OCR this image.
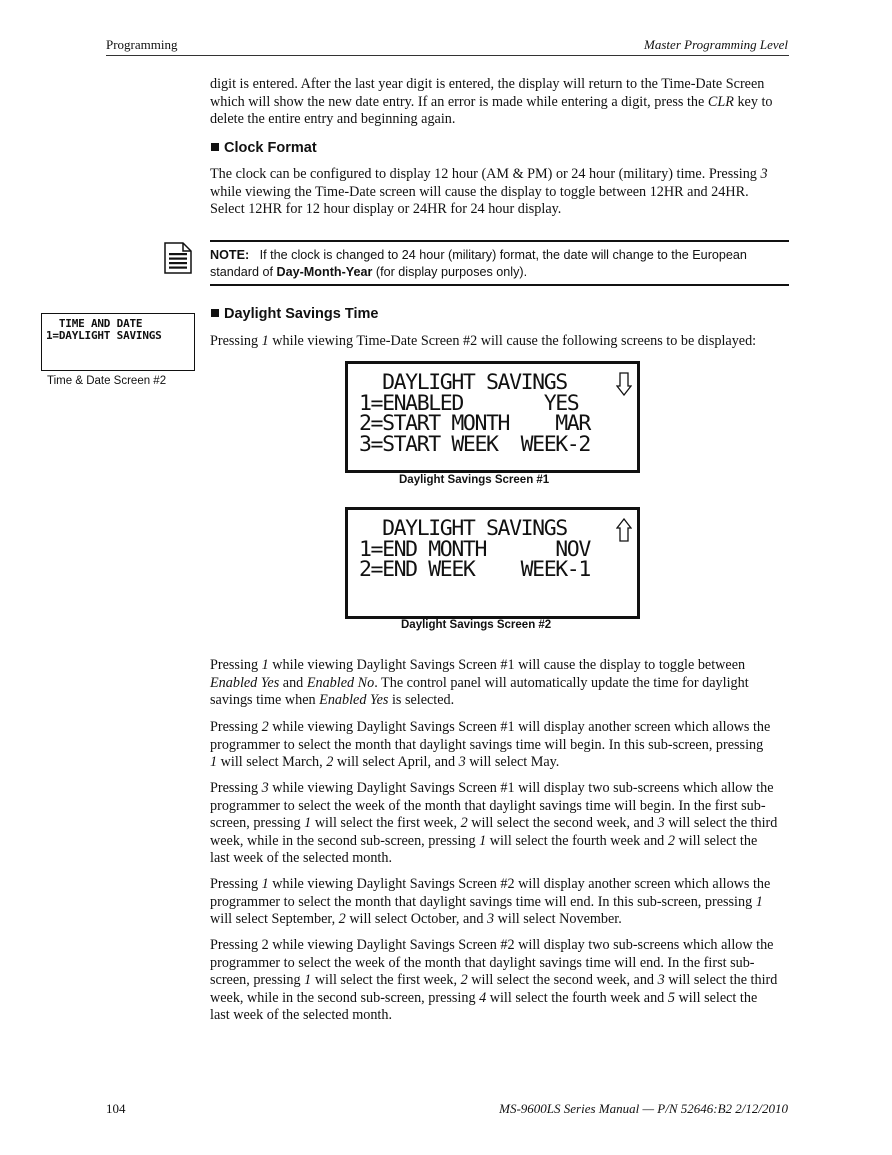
Programming	Master Programming Level

digit is entered. After the last year digit is entered, the display will return to the Time-Date Screen
which will show the new date entry. If an error is made while entering a digit, press the CLR key to
delete the entire entry and beginning again.

Clock Format

The clock can be configured to display 12 hour (AM & PM) or 24 hour (military) time. Pressing 3
while viewing the Time-Date screen will cause the display to toggle between 12HR and 24HR.
Select 12HR for 12 hour display or 24HR for 24 hour display.

NOTE:   If the clock is changed to 24 hour (military) format, the date will change to the European
standard of Day-Month-Year (for display purposes only).

TIME AND DATE
1=DAYLIGHT SAVINGS
Time & Date Screen #2
Daylight Savings Time

Pressing 1 while viewing Time-Date Screen #2 will cause the following screens to be displayed:

DAYLIGHT SAVINGS
1=ENABLED       YES
2=START MONTH    MAR
3=START WEEK  WEEK-2
Daylight Savings Screen #1
DAYLIGHT SAVINGS
1=END MONTH      NOV
2=END WEEK    WEEK-1
Daylight Savings Screen #2

Pressing 1 while viewing Daylight Savings Screen #1 will cause the display to toggle between
Enabled Yes and Enabled No. The control panel will automatically update the time for daylight
savings time when Enabled Yes is selected.

Pressing 2 while viewing Daylight Savings Screen #1 will display another screen which allows the
programmer to select the month that daylight savings time will begin. In this sub-screen, pressing
1 will select March, 2 will select April, and 3 will select May.

Pressing 3 while viewing Daylight Savings Screen #1 will display two sub-screens which allow the
programmer to select the week of the month that daylight savings time will begin. In the first sub-
screen, pressing 1 will select the first week, 2 will select the second week, and 3 will select the third
week, while in the second sub-screen, pressing 1 will select the fourth week and 2 will select the
last week of the selected month.

Pressing 1 while viewing Daylight Savings Screen #2 will display another screen which allows the
programmer to select the month that daylight savings time will end. In this sub-screen, pressing 1
will select September, 2 will select October, and 3 will select November.

Pressing 2 while viewing Daylight Savings Screen #2 will display two sub-screens which allow the
programmer to select the week of the month that daylight savings time will end. In the first sub-
screen, pressing 1 will select the first week, 2 will select the second week, and 3 will select the third
week, while in the second sub-screen, pressing 4 will select the fourth week and 5 will select the
last week of the selected month.

104	MS-9600LS Series Manual — P/N 52646:B2 2/12/2010
